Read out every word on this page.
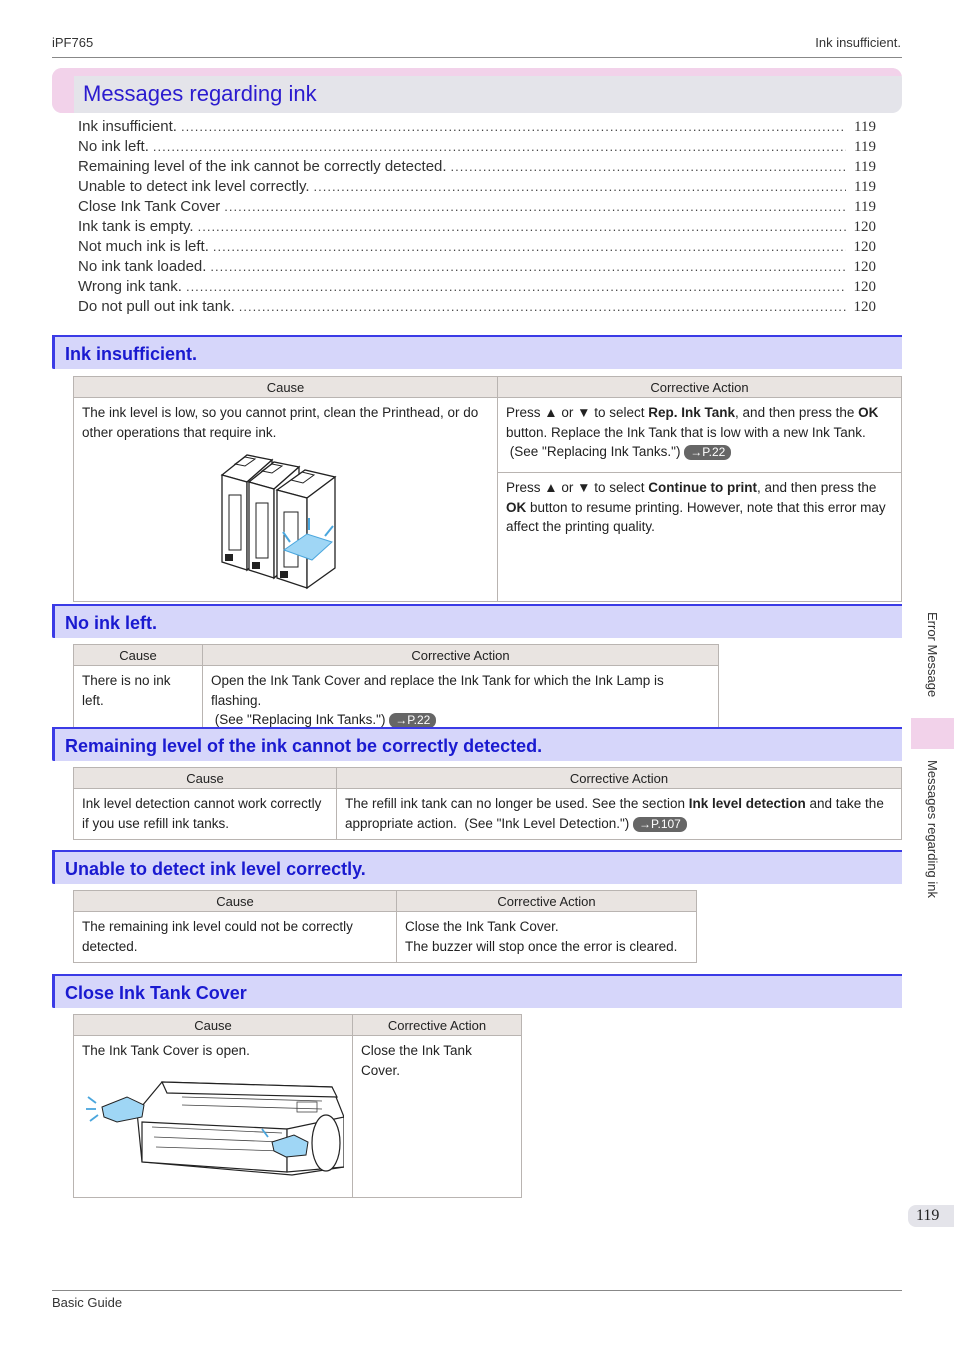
iPF765	Ink insufficient.
Messages regarding ink
Ink insufficient. .....	119
No ink left. .....	119
Remaining level of the ink cannot be correctly detected. .....	119
Unable to detect ink level correctly. .....	119
Close Ink Tank Cover .....	119
Ink tank is empty. .....	120
Not much ink is left. .....	120
No ink tank loaded. .....	120
Wrong ink tank. .....	120
Do not pull out ink tank. .....	120
Ink insufficient.
Cause	Corrective Action

The ink level is low, so you cannot print, clean the Printhead, or do other operations that require ink.	Press ▲ or ▼ to select Rep. Ink Tank, and then press the OK button. Replace the Ink Tank that is low with a new Ink Tank.
(See "Replacing Ink Tanks.") →P.22
	Press ▲ or ▼ to select Continue to print, and then press the OK button to resume printing. However, note that this error may affect the printing quality.
No ink left.
Cause	Corrective Action
There is no ink left.	Open the Ink Tank Cover and replace the Ink Tank for which the Ink Lamp is flashing.
(See "Replacing Ink Tanks.") →P.22
Remaining level of the ink cannot be correctly detected.
Cause	Corrective Action
Ink level detection cannot work correctly if you use refill ink tanks.	The refill ink tank can no longer be used. See the section Ink level detection and take the appropriate action. (See "Ink Level Detection.") →P.107
Unable to detect ink level correctly.
Cause	Corrective Action
The remaining ink level could not be correctly detected.	Close the Ink Tank Cover.
The buzzer will stop once the error is cleared.
Close Ink Tank Cover
Cause	Corrective Action

The Ink Tank Cover is open.	Close the Ink Tank Cover.
Error Message
Messages regarding ink
119
Basic Guide
